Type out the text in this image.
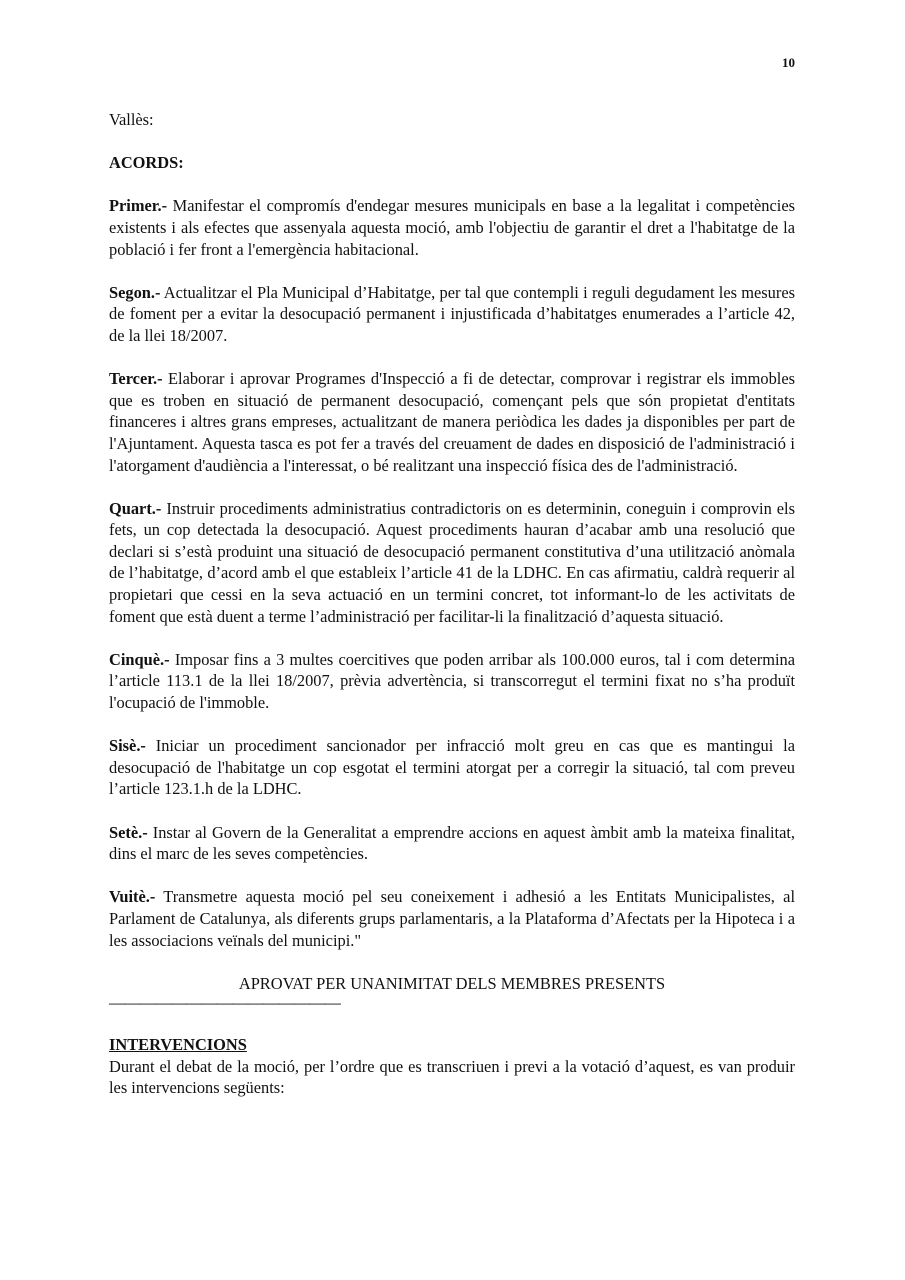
10

Vallès:

ACORDS:

Primer.- Manifestar el compromís d'endegar mesures municipals en base a la legalitat i competències existents i als efectes que assenyala aquesta moció, amb l'objectiu de garantir el dret a l'habitatge de la població i fer front a l'emergència habitacional.

Segon.- Actualitzar el Pla Municipal d’Habitatge, per tal que contempli i reguli degudament les mesures de foment per a evitar la desocupació permanent i injustificada d’habitatges enumerades a l’article 42, de la llei 18/2007.

Tercer.- Elaborar i aprovar Programes d'Inspecció a fi de detectar, comprovar i registrar els immobles que es troben en situació de permanent desocupació, començant pels que són propietat d'entitats financeres i altres grans empreses, actualitzant de manera periòdica les dades ja disponibles per part de l'Ajuntament. Aquesta tasca es pot fer a través del creuament de dades en disposició de l'administració i l'atorgament d'audiència a l'interessat, o bé realitzant una inspecció física des de l'administració.

Quart.- Instruir procediments administratius contradictoris on es determinin, coneguin i comprovin els fets, un cop detectada la desocupació. Aquest procediments hauran d’acabar amb una resolució que declari si s’està produint una situació de desocupació permanent constitutiva d’una utilització anòmala de l’habitatge, d’acord amb el que estableix l’article 41 de la LDHC. En cas afirmatiu, caldrà requerir al propietari que cessi en la seva actuació en un termini concret, tot informant-lo de les activitats de foment que està duent a terme l’administració per facilitar-li la finalització d’aquesta situació.

Cinquè.- Imposar fins a 3 multes coercitives que poden arribar als 100.000 euros, tal i com determina l’article 113.1 de la llei 18/2007, prèvia advertència, si transcorregut el termini fixat no s’ha produït l'ocupació de l'immoble.

Sisè.- Iniciar un procediment sancionador per infracció molt greu en cas que es mantingui la desocupació de l'habitatge un cop esgotat el termini atorgat per a corregir la situació, tal com preveu l’article 123.1.h de la LDHC.

Setè.- Instar al Govern de la Generalitat a emprendre accions en aquest àmbit amb la mateixa finalitat, dins el marc de les seves competències.

Vuitè.- Transmetre aquesta moció pel seu coneixement i adhesió a les Entitats Municipalistes, al Parlament de Catalunya, als diferents grups parlamentaris, a la Plataforma d’Afectats per la Hipoteca i a les associacions veïnals del municipi."

APROVAT PER UNANIMITAT DELS MEMBRES PRESENTS

———————————————

INTERVENCIONS

Durant el debat de la moció, per l’ordre que es transcriuen i previ a la votació d’aquest, es van produir les intervencions següents:
